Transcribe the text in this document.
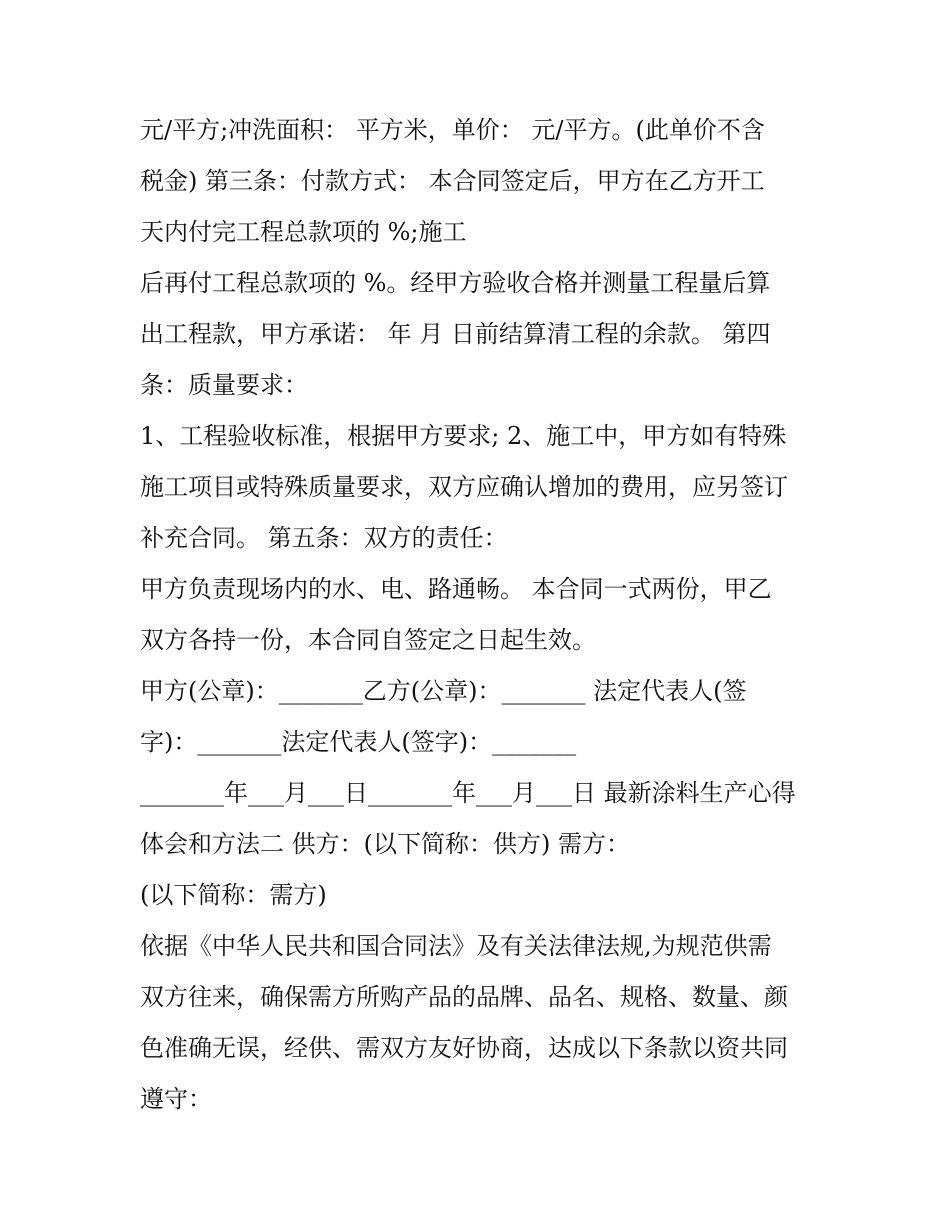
元/平方;冲洗面积： 平方米，单价： 元/平方。(此单价不含
税金) 第三条：付款方式： 本合同签定后，甲方在乙方开工
天内付完工程总款项的 %;施工
后再付工程总款项的 %。经甲方验收合格并测量工程量后算
出工程款，甲方承诺： 年 月 日前结算清工程的余款。 第四
条：质量要求：
1、工程验收标准，根据甲方要求; 2、施工中，甲方如有特殊
施工项目或特殊质量要求，双方应确认增加的费用，应另签订
补充合同。 第五条：双方的责任：
甲方负责现场内的水、电、路通畅。 本合同一式两份，甲乙
双方各持一份，本合同自签定之日起生效。
甲方(公章)：_______乙方(公章)：_______ 法定代表人(签
字)：_______法定代表人(签字)：_______
_______年___月___日_______年___月___日 最新涂料生产心得
体会和方法二 供方：(以下简称：供方) 需方：
(以下简称：需方)
依据《中华人民共和国合同法》及有关法律法规,为规范供需
双方往来，确保需方所购产品的品牌、品名、规格、数量、颜
色准确无误，经供、需双方友好协商，达成以下条款以资共同
遵守：
